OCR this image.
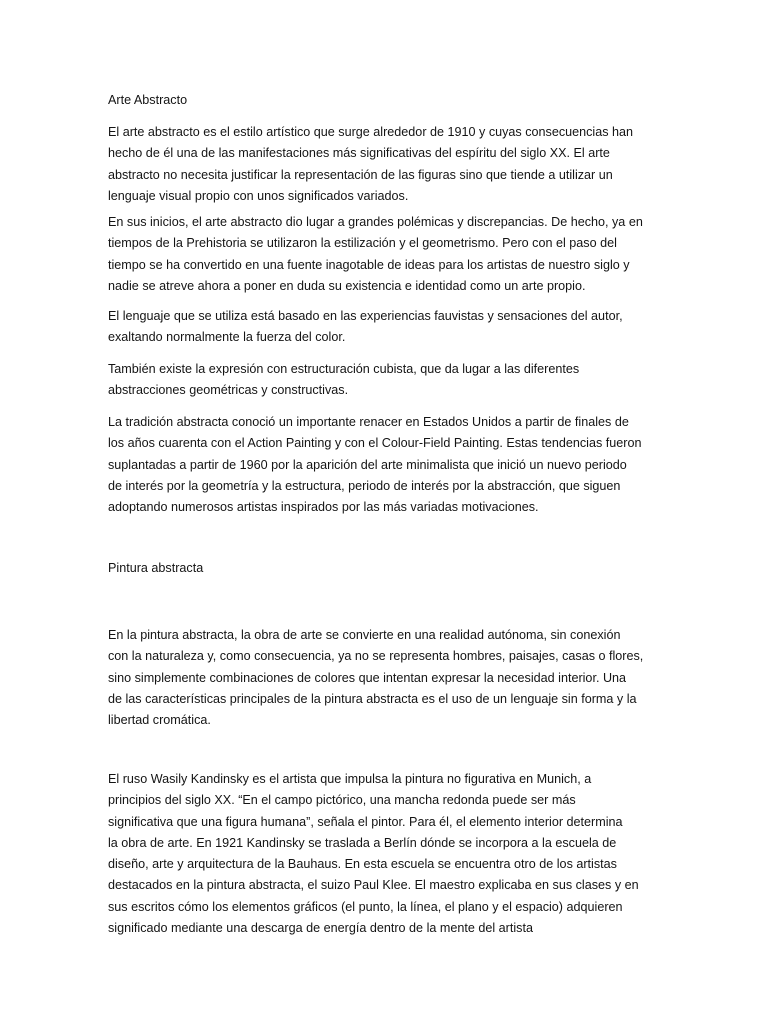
Arte Abstracto
El arte abstracto es el estilo artístico que surge alrededor de 1910 y cuyas consecuencias han
hecho de él una de las manifestaciones más significativas del espíritu del siglo XX. El arte
abstracto no necesita justificar la representación de las figuras sino que tiende a utilizar un
lenguaje visual propio con unos significados variados.
En sus inicios, el arte abstracto dio lugar a grandes polémicas y discrepancias. De hecho, ya en
tiempos de la Prehistoria se utilizaron la estilización y el geometrismo. Pero con el paso del
tiempo se ha convertido en una fuente inagotable de ideas para los artistas de nuestro siglo y
nadie se atreve ahora a poner en duda su existencia e identidad como un arte propio.
El lenguaje que se utiliza está basado en las experiencias fauvistas y sensaciones del autor,
exaltando normalmente la fuerza del color.
También existe la expresión con estructuración cubista, que da lugar a las diferentes
abstracciones geométricas y constructivas.
La tradición abstracta conoció un importante renacer en Estados Unidos a partir de finales de
los años cuarenta con el Action Painting y con el Colour-Field Painting. Estas tendencias fueron
suplantadas a partir de 1960 por la aparición del arte minimalista que inició un nuevo periodo
de interés por la geometría y la estructura, periodo de interés por la abstracción, que siguen
adoptando numerosos artistas inspirados por las más variadas motivaciones.
Pintura abstracta
En la pintura abstracta, la obra de arte se convierte en una realidad autónoma, sin conexión
con la naturaleza y, como consecuencia, ya no se representa hombres, paisajes, casas o flores,
sino simplemente combinaciones de colores que intentan expresar la necesidad interior. Una
de las características principales de la pintura abstracta es el uso de un lenguaje sin forma y la
libertad cromática.
El ruso Wasily Kandinsky es el artista que impulsa la pintura no figurativa en Munich, a
principios del siglo XX. “En el campo pictórico, una mancha redonda puede ser más
significativa que una figura humana”, señala el pintor. Para él, el elemento interior determina
la obra de arte. En 1921 Kandinsky se traslada a Berlín dónde se incorpora a la escuela de
diseño, arte y arquitectura de la Bauhaus. En esta escuela se encuentra otro de los artistas
destacados en la pintura abstracta, el suizo Paul Klee. El maestro explicaba en sus clases y en
sus escritos cómo los elementos gráficos (el punto, la línea, el plano y el espacio) adquieren
significado mediante una descarga de energía dentro de la mente del artista
